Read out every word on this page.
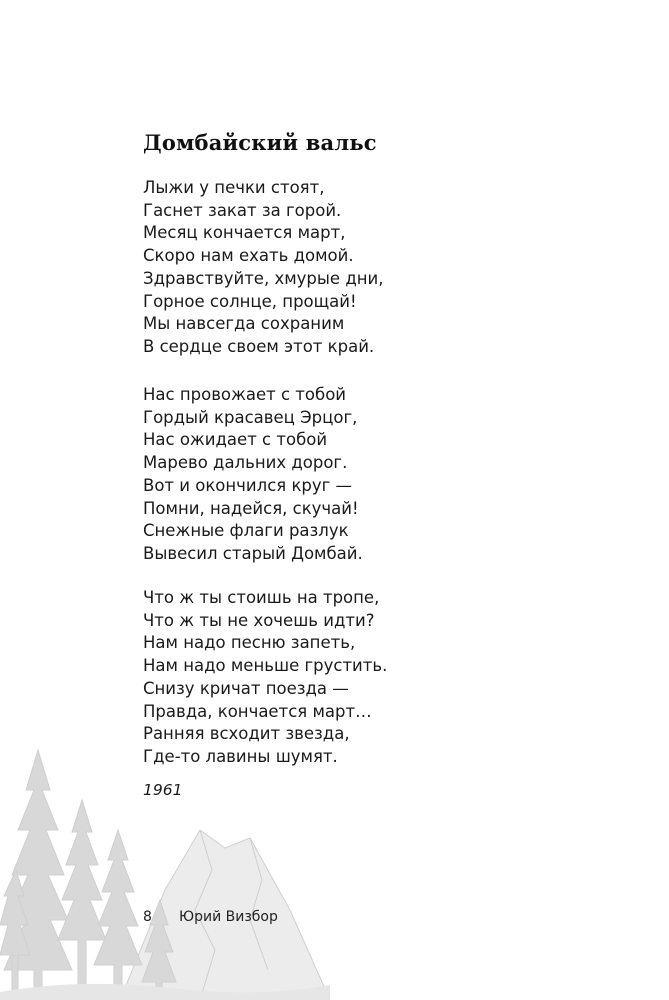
Домбайский вальс
Лыжи у печки стоят,
Гаснет закат за горой.
Месяц кончается март,
Скоро нам ехать домой.
Здравствуйте, хмурые дни,
Горное солнце, прощай!
Мы навсегда сохраним
В сердце своем этот край.
Нас провожает с тобой
Гордый красавец Эрцог,
Нас ожидает с тобой
Марево дальних дорог.
Вот и окончился круг —
Помни, надейся, скучай!
Снежные флаги разлук
Вывесил старый Домбай.
Что ж ты стоишь на тропе,
Что ж ты не хочешь идти?
Нам надо песню запеть,
Нам надо меньше грустить.
Снизу кричат поезда —
Правда, кончается март…
Ранняя всходит звезда,
Где-то лавины шумят.
1961
8 Юрий Визбор
